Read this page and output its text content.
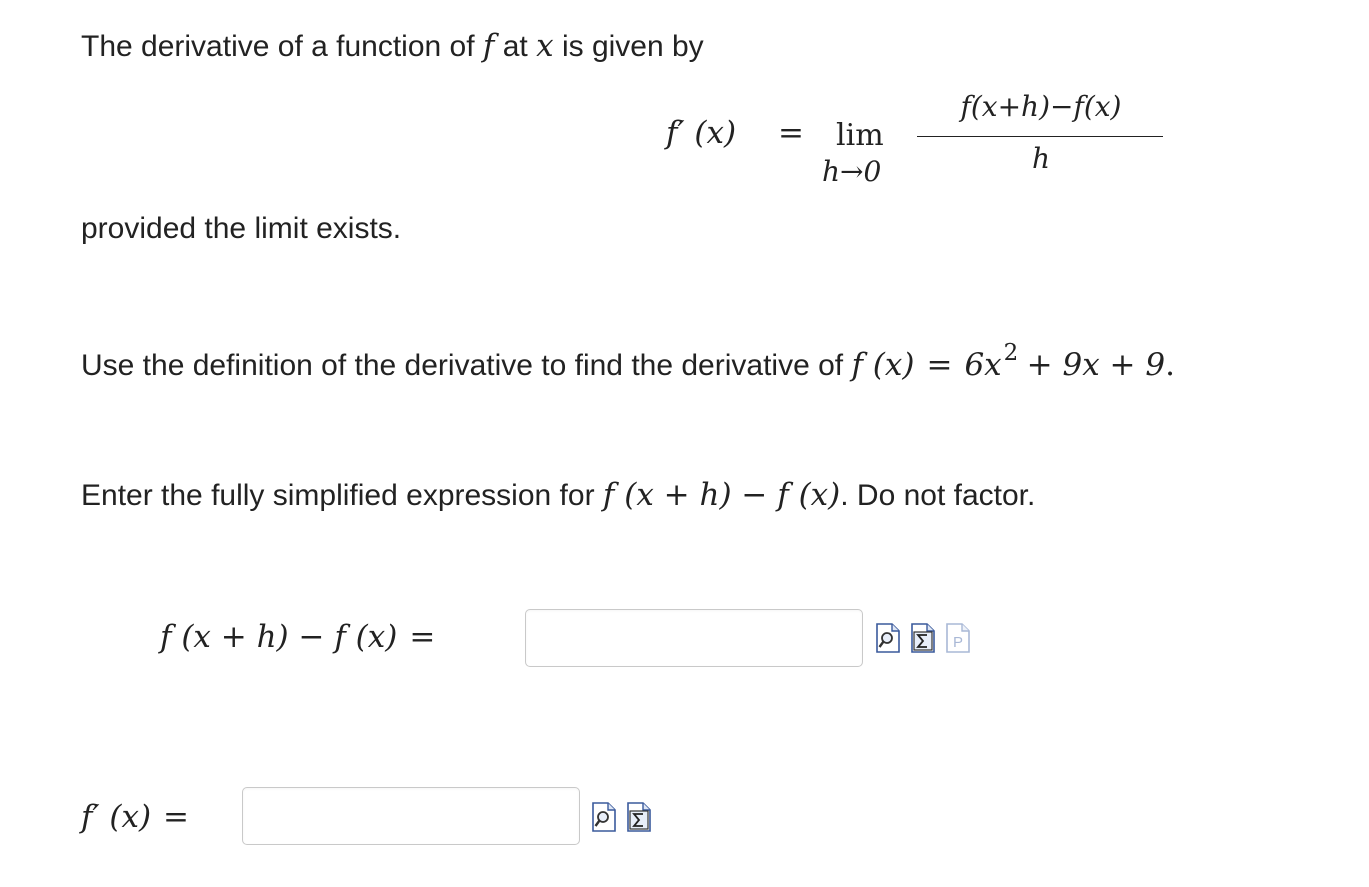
The derivative of a function of f at x is given by
f′ (x) = lim
h→0
f(x+h)−f(x)
h
provided the limit exists.
Use the definition of the derivative to find the derivative of f $(x) = 6x^2 + 9x + 9$.
Enter the fully simplified expression for f (x + h) − f (x). Do not factor.
f (x + h) − f (x) =	P
f′ (x) =
